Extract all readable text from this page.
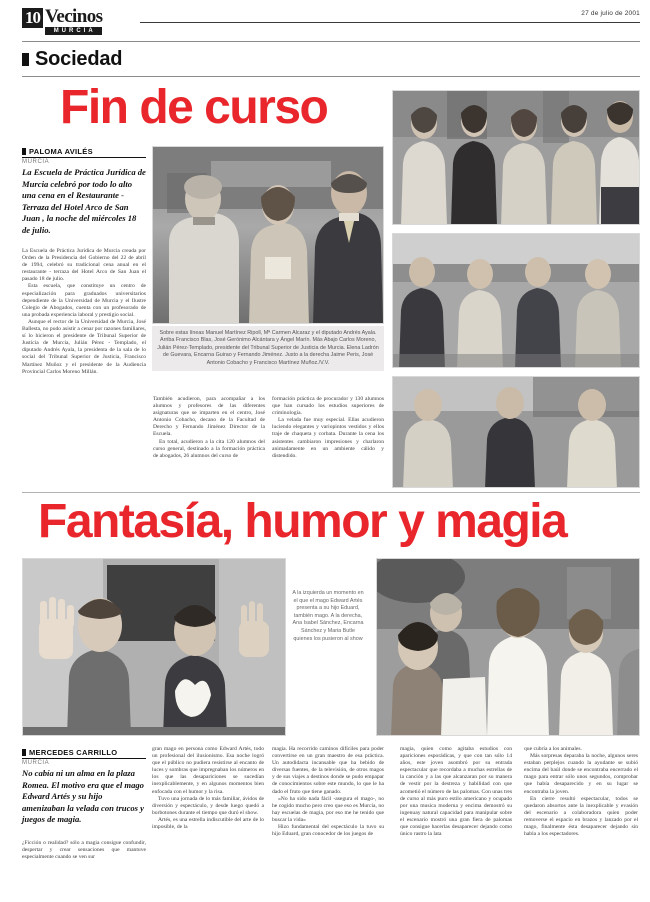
10 Vecinos
MURCIA
27 de julio de 2001
Sociedad
Fin de curso
PALOMA AVILÉS
MURCIA
La Escuela de Práctica Jurídica de Murcia celebró por todo lo alto una cena en el Restaurante - Terraza del Hotel Arco de San Juan , la noche del miércoles 18 de julio.

La Escuela de Práctica Jurídica de Murcia creada por Orden de la Presidencia del Gobierno del 22 de abril de 1994, celebró su tradicional cena anual en el restaurante - terraza del Hotel Arco de San Juan el pasado 18 de julio.

Esta escuela, que constituye un centro de especialización para graduados universitarios dependiente de la Universidad de Murcia y el Ilustre Colegio de Abogados, cuenta con un profesorado de una probada experiencia laboral y prestigio social.

Aunque el rector de la Universidad de Murcia, José Ballesta, no pudo asistir a cenar por razones familiares, sí lo hicieron el presidente de Tribunal Superior de Justicia de Murcia, Julián Pérez - Templado, el diputado Andrés Ayala, la presidenta de la sala de lo social del Tribunal Superior de Justicia, Francisco Martínez Muñoz y el presidente de la Audiencia Provincial Carlos Moreno Millán.

También acudieron, para acompañar a los alumnos y profesores de las diferentes asignaturas que se imparten en el centro, José Antonio Cobacho, decano de la Facultad de Derecho y Fernando Jiménez Director de la Escuela.

En total, acudieron a la cita 120 alumnos del curso general, destinado a la formación práctica de abogados, 26 alumnos del curso de

formación práctica de procurador y 130 alumnos que han cursado los estudios superiores de criminología.

La velada fue muy especial. Ellas acudieron luciendo elegantes y variopintos vestidos y ellos traje de chaqueta y corbata. Durante la cena los asistentes cambiaron impresiones y charlaron animadamente en un ambiente cálido y distendido.

Sobre estas líneas Manuel Martínez Ripoll, Mª Carmen Alcaraz y el diputado Andrés Ayala. Arriba Francisco Blas, José Gerónimo Alcántara y Ángel Marín. Más Abajo Carlos Moreno, Julián Pérez-Templado, presidente del Tribunal Superior de Justicia de Murcia. Elena Ladrón de Guevara, Encarna Guirao y Fernando Jiménez. Justo a la derecha Jaime Peris, José Antonio Cobacho y Francisco Martínez Muñoz./V.V.
Fantasía, humor y magia
A la izquierda un momento en el que el mago Edward Artés presenta a su hijo Eduard, también mago. A la derecha, Ana Isabel Sánchez, Encarna Sánchez y Maria Butle quienes los pusieron al show
MERCEDES CARRILLO
MURCIA
No cabía ni un alma en la plaza Romea. El motivo era que el mago Edward Artés y su hijo amenizaban la velada con trucos y juegos de magia.

¿Ficción o realidad? sólo a magia consigue confundir, despertar y crear sensaciones que mantuve especialmente cuando se ven sur

gran mago en persona como Edward Artés, todo un profesional del ilusionismo. Esa noche logró que el público no pudiera resistirse al encanto de luces y sombras que impregnaban los números en los que las desapariciones se sucedían inexplicablemente, y en algunos momentos bien enfocada con el humor y la risa.

Tuvo una jornada de lo más familiar, ávidos de diversión y espectáculo, y desde luego quedó a borbotones durante el tiempo que duró el show.

Artés, es una estrella indiscutible del arte de lo imposible, de la

magia. Ha recorrido caminos difíciles para poder convertirse en un gran maestro de esa práctica. Un autodidacta incansable que ha bebido de diversas fuentes, de la televisión, de otros magos y de sus viajes a destinos donde se pudo empapar de conocimientos sobre este mundo, lo que le ha dado el fruto que tiene ganado.

«No ha sido nada fácil -asegura el mago-, no he cogido mucho pero creo que eso es Murcia, no hay escuelas de magia, por eso me he tenido que buscar la vida»

Hizo fundamental del espectáculo la tuvo su hijo Eduard, gran conocedor de los juegos de

magia, quien como agitaba estudios con apariciones esporádicas, y que con tan sólo 14 años, este joven asombró por su entrada espectacular que recordaba a muchas estrellas de la canción y a las que alcanzaran por su manera de vestir por la destreza y habilidad con que acometió el número de las palomas. Con unas tres de curso al más puro estilo americano y ocupado por una musica moderna y encima demostró su ingenuay natural capacidad para manipular sobre el escenario mostró una gran fiera de palomas que consigue hacerlas desaparecer dejando como único rastro la lata

que cubría a los animales.

Más sorpresas deparaba la noche, algunos seres estaban perplejos cuando la ayudante se subió encima del baúl donde se encontraba encerrado el mago para entrar sólo unos segundos, comprobar que había desaparecido y en su lugar se encontraba la joven.

En cierre resultó espectacular, todos se quedaron absortos ante la inexplicable y evasión del escenario a colaboradora quien poder removerse el espacio en brazos y lanzado por el mago, finalmente ésta desaparecer dejando sin habla a los espectadores.
